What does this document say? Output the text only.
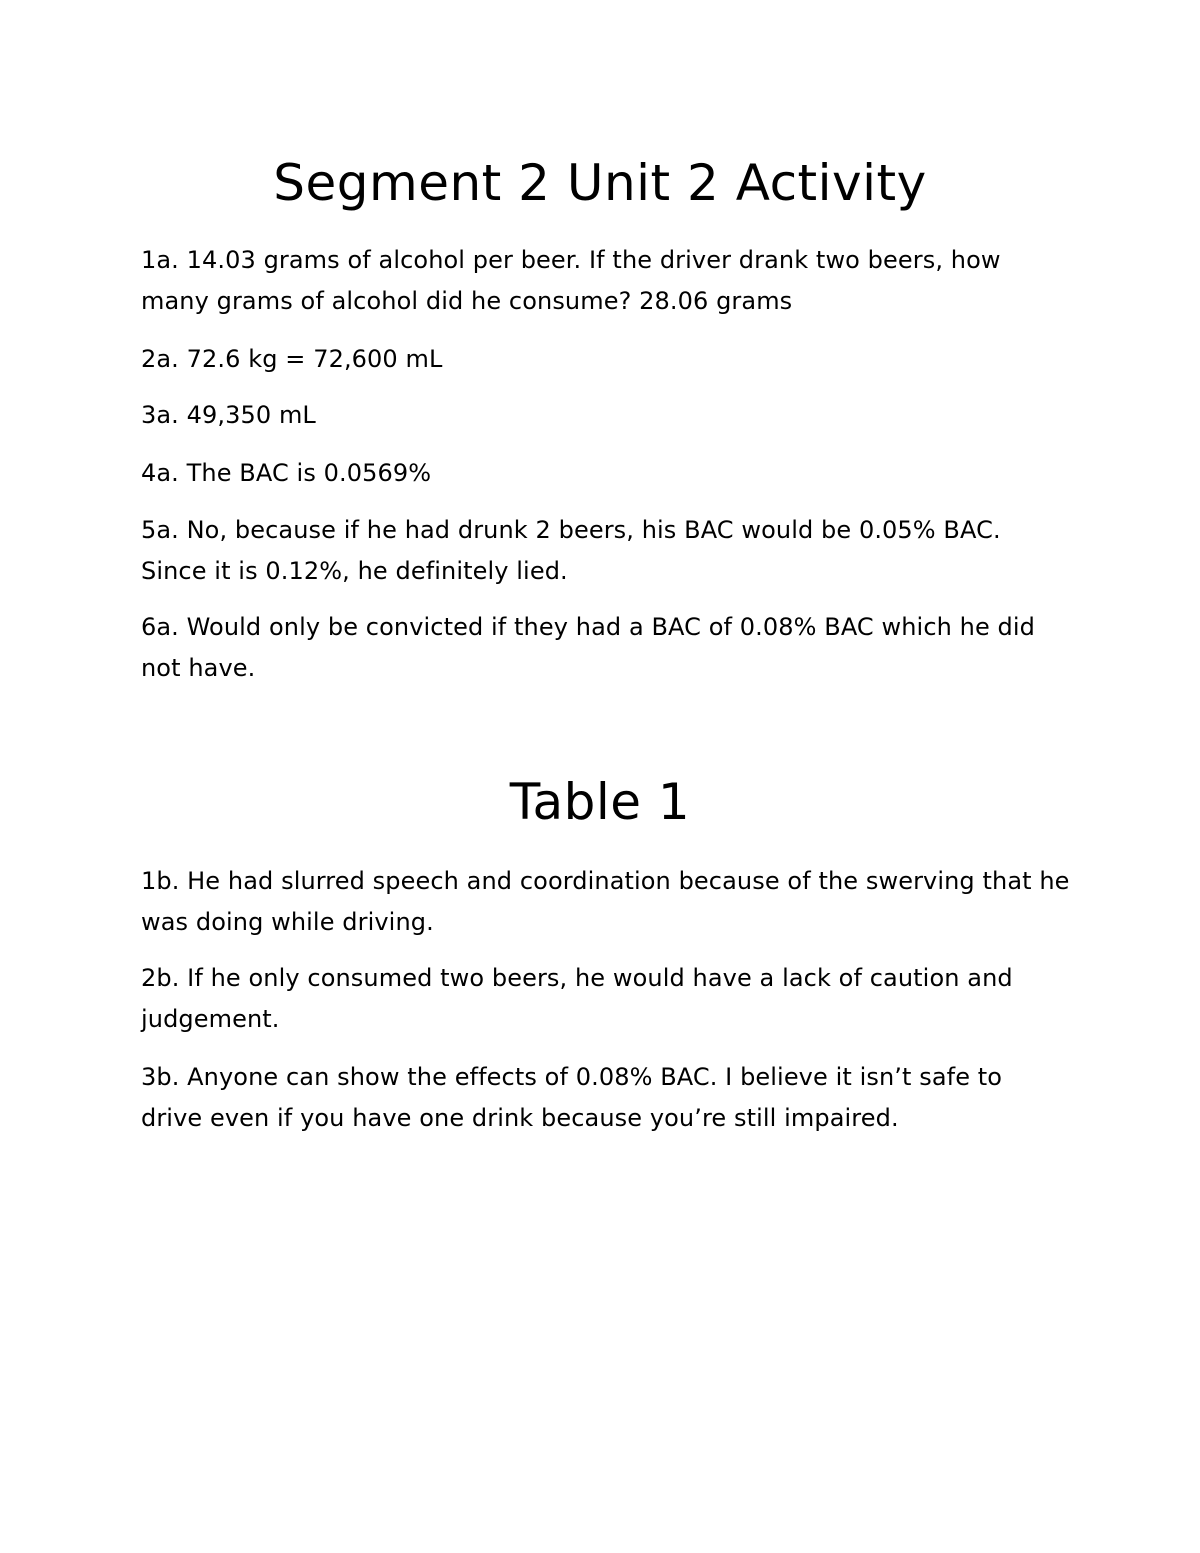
Segment 2 Unit 2 Activity

1a. 14.03 grams of alcohol per beer. If the driver drank two beers, how many grams of alcohol did he consume? 28.06 grams

2a. 72.6 kg = 72,600 mL

3a. 49,350 mL

4a. The BAC is 0.0569%

5a. No, because if he had drunk 2 beers, his BAC would be 0.05% BAC. Since it is 0.12%, he definitely lied.

6a. Would only be convicted if they had a BAC of 0.08% BAC which he did not have.

Table 1

1b. He had slurred speech and coordination because of the swerving that he was doing while driving.

2b. If he only consumed two beers, he would have a lack of caution and judgement.

3b. Anyone can show the effects of 0.08% BAC. I believe it isn’t safe to drive even if you have one drink because you’re still impaired.
